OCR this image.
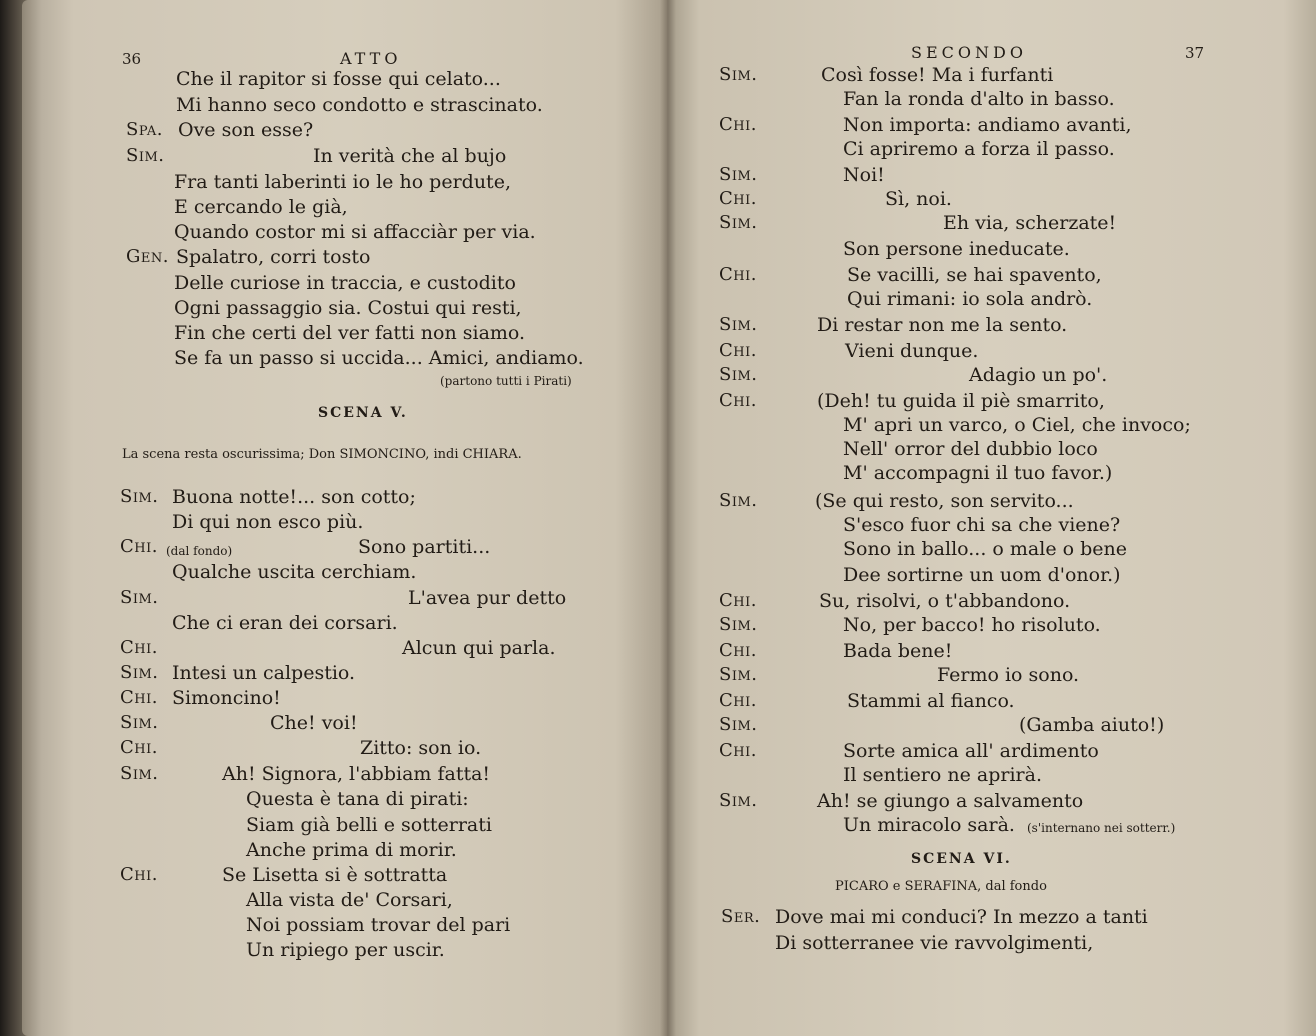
36	ATTO
Che il rapitor si fosse qui celato...
Mi hanno seco condotto e strascinato.
Spa. Ove son esse?
Sim.	In verità che al bujo
Fra tanti laberinti io le ho perdute,
E cercando le già,
Quando costor mi si affacciàr per via.
Gen. Spalatro, corri tosto
Delle curiose in traccia, e custodito
Ogni passaggio sia. Costui qui resti,
Fin che certi del ver fatti non siamo.
Se fa un passo si uccida... Amici, andiamo.
(partono tutti i Pirati)
SCENA V.
La scena resta oscurissima; Don SIMONCINO, indi CHIARA.
Sim. Buona notte!... son cotto;
Di qui non esco più.
Chi. (dal fondo)	Sono partiti...
Qualche uscita cerchiam.
Sim.	L'avea pur detto
Che ci eran dei corsari.
Chi.	Alcun qui parla.
Sim. Intesi un calpestio.
Chi. Simoncino!
Sim.	Che! voi!
Chi.	Zitto: son io.
Sim.	Ah! Signora, l'abbiam fatta!
Questa è tana di pirati:
Siam già belli e sotterrati
Anche prima di morir.
Chi.	Se Lisetta si è sottratta
Alla vista de' Corsari,
Noi possiam trovar del pari
Un ripiego per uscir.
SECONDO	37
Sim.	Così fosse! Ma i furfanti
Fan la ronda d'alto in basso.
Chi.	Non importa: andiamo avanti,
Ci apriremo a forza il passo.
Sim.	Noi!
Chi.	Sì, noi.
Sim.	Eh via, scherzate!
Son persone ineducate.
Chi.	Se vacilli, se hai spavento,
Qui rimani: io sola andrò.
Sim.	Di restar non me la sento.
Chi.	Vieni dunque.
Sim.	Adagio un po'.
Chi.	(Deh! tu guida il piè smarrito,
M' apri un varco, o Ciel, che invoco;
Nell' orror del dubbio loco
M' accompagni il tuo favor.)
Sim.	(Se qui resto, son servito...
S'esco fuor chi sa che viene?
Sono in ballo... o male o bene
Dee sortirne un uom d'onor.)
Chi.	Su, risolvi, o t'abbandono.
Sim.	No, per bacco! ho risoluto.
Chi.	Bada bene!
Sim.	Fermo io sono.
Chi.	Stammi al fianco.
Sim.	(Gamba aiuto!)
Chi.	Sorte amica all' ardimento
Il sentiero ne aprirà.
Sim.	Ah! se giungo a salvamento
Un miracolo sarà. (s'internano nei sotterr.)
SCENA VI.
PICARO e SERAFINA, dal fondo
Ser. Dove mai mi conduci? In mezzo a tanti
Di sotterranee vie ravvolgimenti,
